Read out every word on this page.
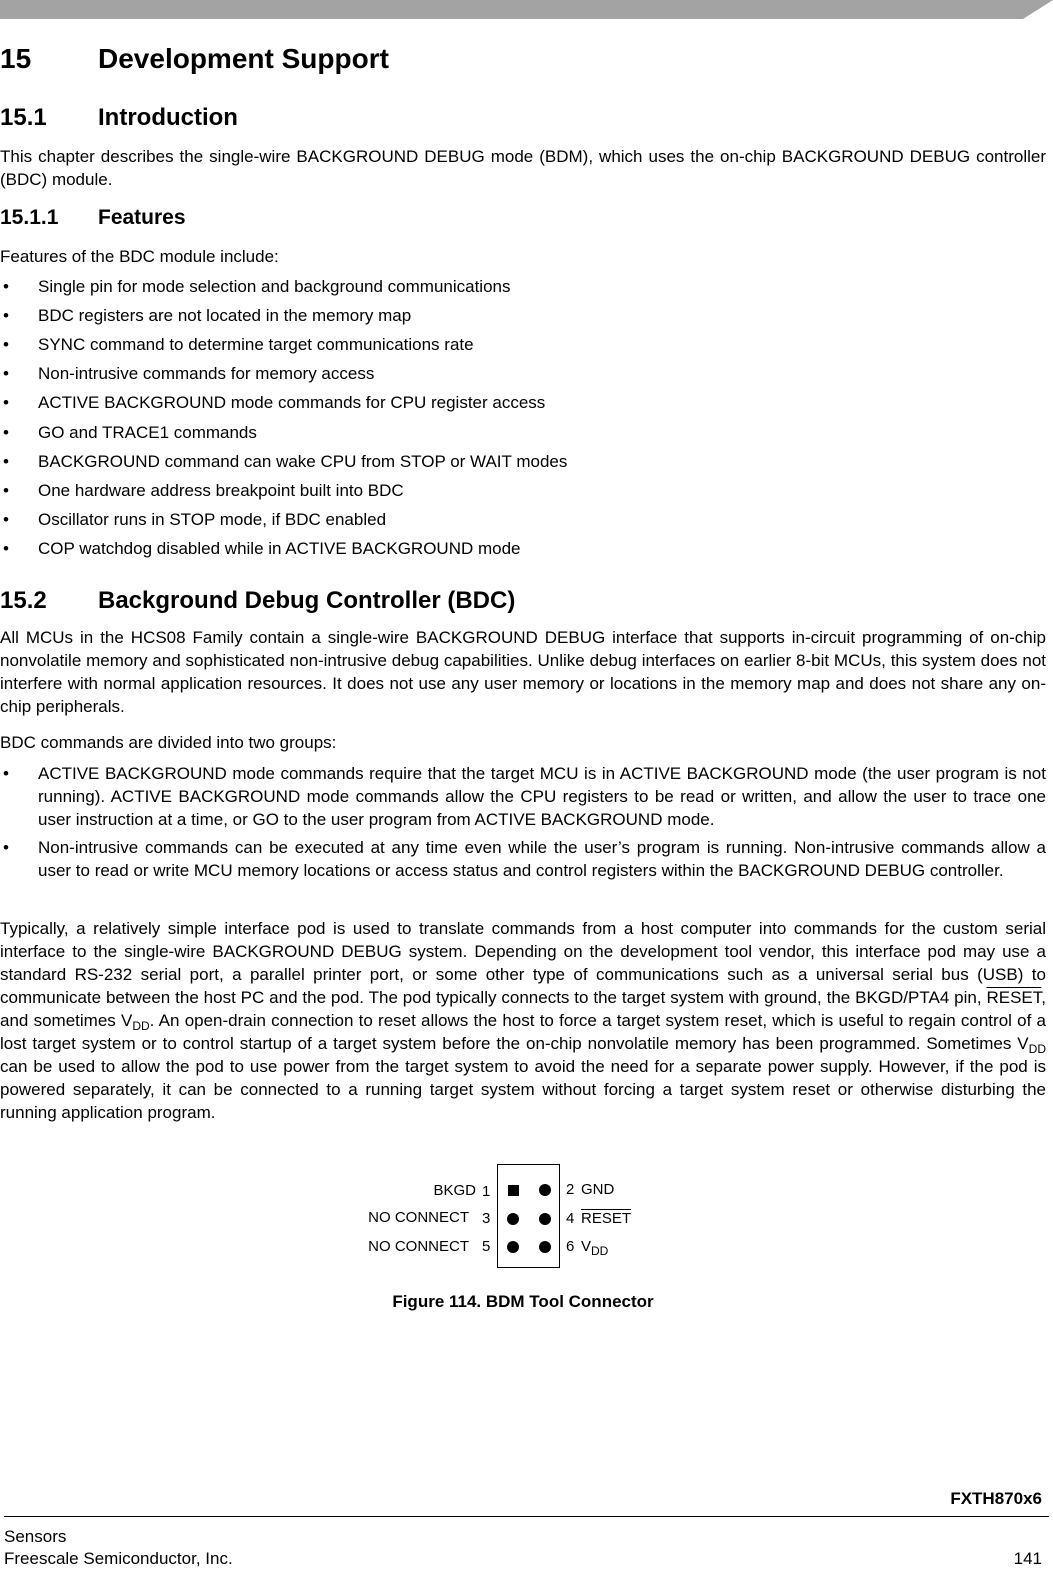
15 Development Support
15.1 Introduction
This chapter describes the single-wire BACKGROUND DEBUG mode (BDM), which uses the on-chip BACKGROUND DEBUG controller (BDC) module.
15.1.1 Features
Features of the BDC module include:
• Single pin for mode selection and background communications
• BDC registers are not located in the memory map
• SYNC command to determine target communications rate
• Non-intrusive commands for memory access
• ACTIVE BACKGROUND mode commands for CPU register access
• GO and TRACE1 commands
• BACKGROUND command can wake CPU from STOP or WAIT modes
• One hardware address breakpoint built into BDC
• Oscillator runs in STOP mode, if BDC enabled
• COP watchdog disabled while in ACTIVE BACKGROUND mode
15.2 Background Debug Controller (BDC)
All MCUs in the HCS08 Family contain a single-wire BACKGROUND DEBUG interface that supports in-circuit programming of on-chip nonvolatile memory and sophisticated non-intrusive debug capabilities. Unlike debug interfaces on earlier 8-bit MCUs, this system does not interfere with normal application resources. It does not use any user memory or locations in the memory map and does not share any on-chip peripherals.
BDC commands are divided into two groups:
• ACTIVE BACKGROUND mode commands require that the target MCU is in ACTIVE BACKGROUND mode (the user program is not running). ACTIVE BACKGROUND mode commands allow the CPU registers to be read or written, and allow the user to trace one user instruction at a time, or GO to the user program from ACTIVE BACKGROUND mode.
• Non-intrusive commands can be executed at any time even while the user’s program is running. Non-intrusive commands allow a user to read or write MCU memory locations or access status and control registers within the BACKGROUND DEBUG controller.
Typically, a relatively simple interface pod is used to translate commands from a host computer into commands for the custom serial interface to the single-wire BACKGROUND DEBUG system. Depending on the development tool vendor, this interface pod may use a standard RS-232 serial port, a parallel printer port, or some other type of communications such as a universal serial bus (USB) to communicate between the host PC and the pod. The pod typically connects to the target system with ground, the BKGD/PTA4 pin, RESET, and sometimes $V_{DD}$. An open-drain connection to reset allows the host to force a target system reset, which is useful to regain control of a lost target system or to control startup of a target system before the on-chip nonvolatile memory has been programmed. Sometimes $V_{DD}$ can be used to allow the pod to use power from the target system to avoid the need for a separate power supply. However, if the pod is powered separately, it can be connected to a running target system without forcing a target system reset or otherwise disturbing the running application program.
BKGD
NO CONNECT
NO CONNECT
1
3
5
2
4
6
GND
RESET
$V_{DD}$
Figure 114. BDM Tool Connector
FXTH870x6
Sensors
Freescale Semiconductor, Inc.	141
